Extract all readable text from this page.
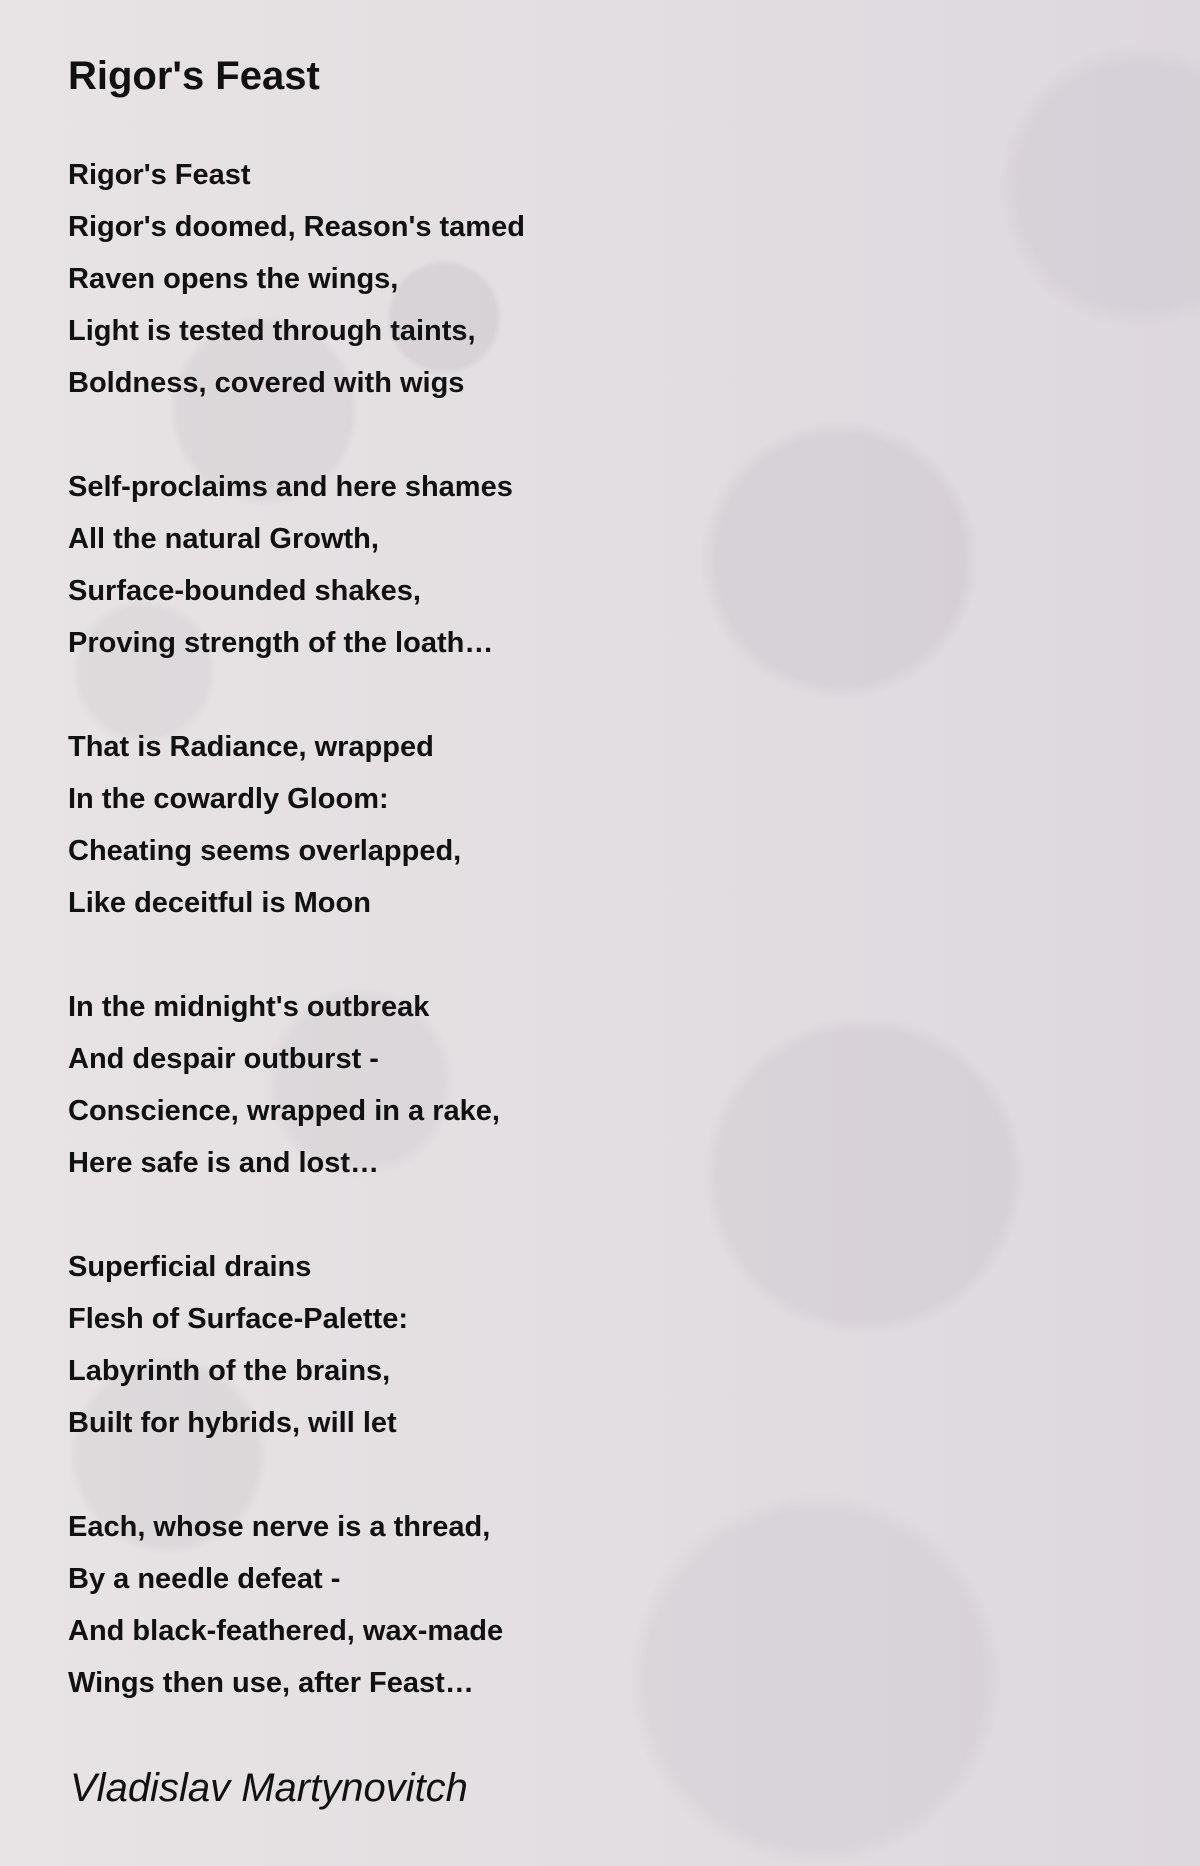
Rigor's Feast
Rigor's Feast
Rigor's doomed, Reason's tamed
Raven opens the wings,
Light is tested through taints,
Boldness, covered with wigs
Self-proclaims and here shames
All the natural Growth,
Surface-bounded shakes,
Proving strength of the loath…
That is Radiance, wrapped
In the cowardly Gloom:
Cheating seems overlapped,
Like deceitful is Moon
In the midnight's outbreak
And despair outburst -
Conscience, wrapped in a rake,
Here safe is and lost…
Superficial drains
Flesh of Surface-Palette:
Labyrinth of the brains,
Built for hybrids, will let
Each, whose nerve is a thread,
By a needle defeat -
And black-feathered, wax-made
Wings then use, after Feast…
Vladislav Martynovitch
